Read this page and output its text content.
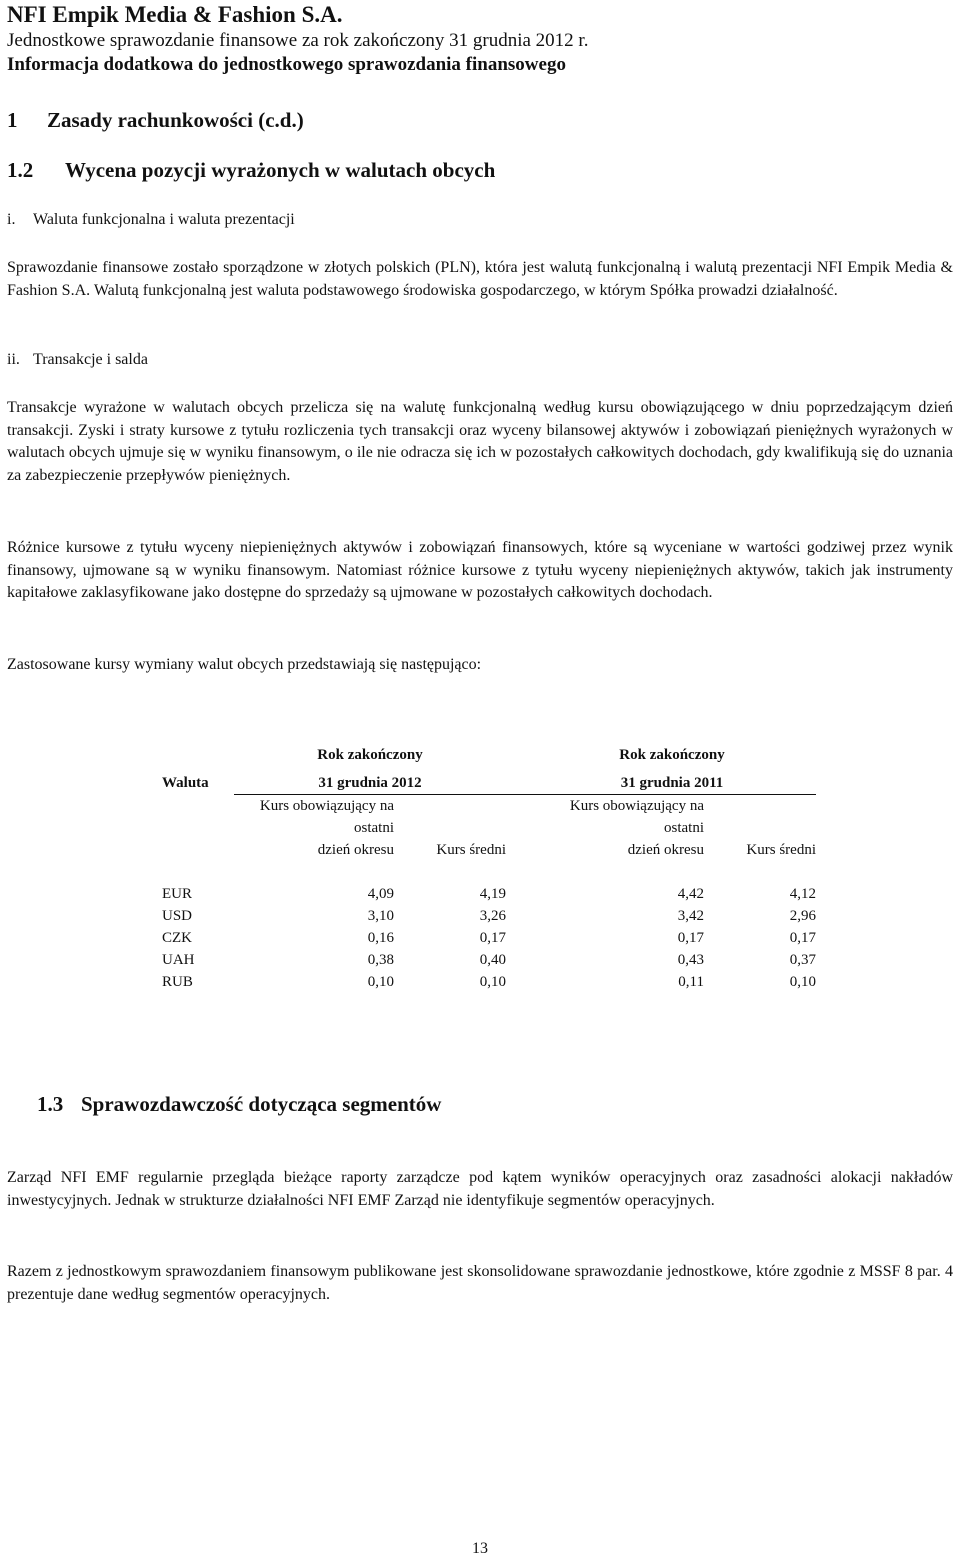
NFI Empik Media & Fashion S.A.
Jednostkowe sprawozdanie finansowe za rok zakończony 31 grudnia 2012 r.
Informacja dodatkowa do jednostkowego sprawozdania finansowego
1 Zasady rachunkowości (c.d.)
1.2 Wycena pozycji wyrażonych w walutach obcych
i. Waluta funkcjonalna i waluta prezentacji

Sprawozdanie finansowe zostało sporządzone w złotych polskich (PLN), która jest walutą funkcjonalną i walutą prezentacji NFI Empik Media & Fashion S.A. Walutą funkcjonalną jest waluta podstawowego środowiska gospodarczego, w którym Spółka prowadzi działalność.

ii. Transakcje i salda

Transakcje wyrażone w walutach obcych przelicza się na walutę funkcjonalną według kursu obowiązującego w dniu poprzedzającym dzień transakcji. Zyski i straty kursowe z tytułu rozliczenia tych transakcji oraz wyceny bilansowej aktywów i zobowiązań pieniężnych wyrażonych w walutach obcych ujmuje się w wyniku finansowym, o ile nie odracza się ich w pozostałych całkowitych dochodach, gdy kwalifikują się do uznania za zabezpieczenie przepływów pieniężnych.

Różnice kursowe z tytułu wyceny niepieniężnych aktywów i zobowiązań finansowych, które są wyceniane w wartości godziwej przez wynik finansowy, ujmowane są w wyniku finansowym. Natomiast różnice kursowe z tytułu wyceny niepieniężnych aktywów, takich jak instrumenty kapitałowe zaklasyfikowane jako dostępne do sprzedaży są ujmowane w pozostałych całkowitych dochodach.

Zastosowane kursy wymiany walut obcych przedstawiają się następująco:

	Rok zakończony			Rok zakończony	

Waluta	31 grudnia 2012			31 grudnia 2011	
	Kurs obowiązujący na			Kurs obowiązujący na	
	ostatni			ostatni	
	dzień okresu	Kurs średni		dzień okresu	Kurs średni

EUR	4,09	4,19		4,42	4,12
USD	3,10	3,26		3,42	2,96
CZK	0,16	0,17		0,17	0,17
UAH	0,38	0,40		0,43	0,37
RUB	0,10	0,10		0,11	0,10
1.3 Sprawozdawczość dotycząca segmentów

Zarząd NFI EMF regularnie przegląda bieżące raporty zarządcze pod kątem wyników operacyjnych oraz zasadności alokacji nakładów inwestycyjnych. Jednak w strukturze działalności NFI EMF Zarząd nie identyfikuje segmentów operacyjnych.

Razem z jednostkowym sprawozdaniem finansowym publikowane jest skonsolidowane sprawozdanie jednostkowe, które zgodnie z MSSF 8 par. 4 prezentuje dane według segmentów operacyjnych.

13
